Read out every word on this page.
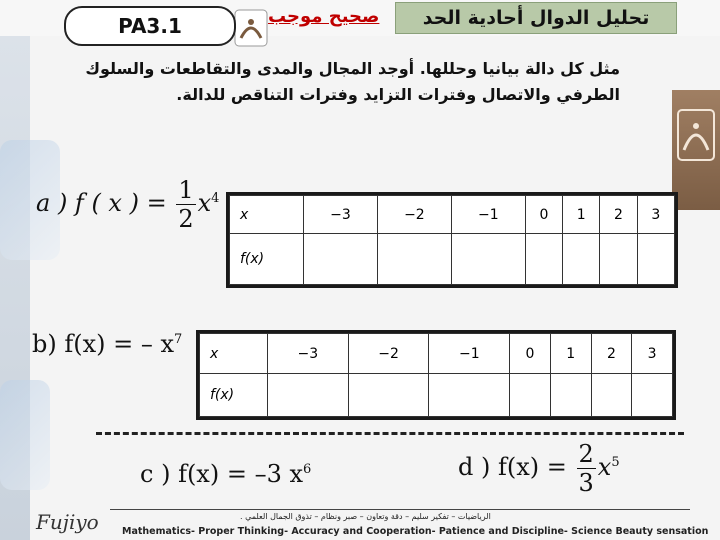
تحليل الدوال أحادية الحد
صحيح موجب
PA3.1
مثل كل دالة بيانيا وحللها. أوجد المجال والمدى والتقاطعات والسلوك
الطرفي والاتصال وفترات التزايد وفترات التناقص للدالة.
a ) f ( x ) = $\frac{1}{2} x^4$
x	−3	−2	−1	0	1	2	3
f(x)							
b) f(x) = – $x^7$
x	−3	−2	−1	0	1	2	3
f(x)							
c ) f(x) = –3 $x^6$	d ) $f(x) = \frac{2}{3} x^5$
Fujiyo	الرياضيات – تفكير سليم – دقة وتعاون – صبر ونظام – تذوق الجمال العلمي .
Mathematics- Proper Thinking- Accuracy and Cooperation- Patience and Discipline- Science Beauty sensation
